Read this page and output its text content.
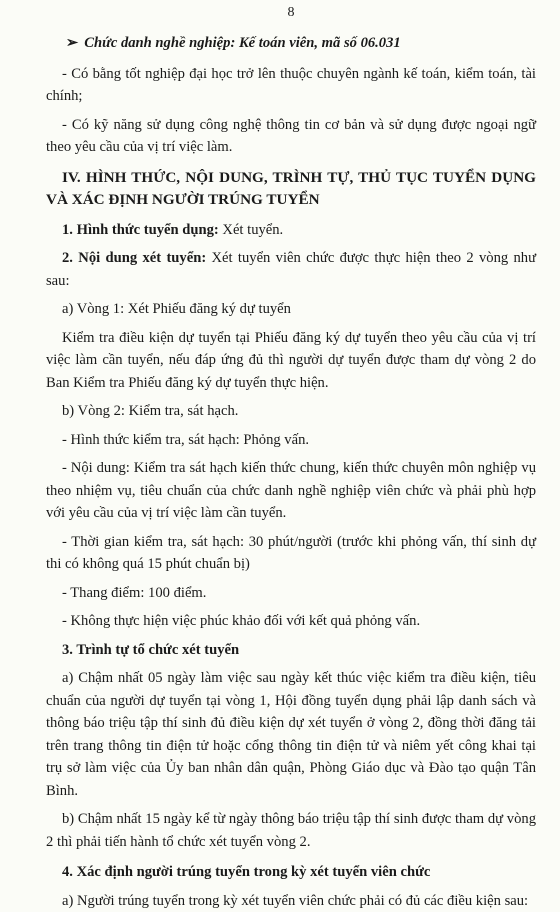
8

➢ Chức danh nghề nghiệp: Kế toán viên, mã số 06.031

- Có bằng tốt nghiệp đại học trở lên thuộc chuyên ngành kế toán, kiểm toán, tài chính;

- Có kỹ năng sử dụng công nghệ thông tin cơ bản và sử dụng được ngoại ngữ theo yêu cầu của vị trí việc làm.

IV. HÌNH THỨC, NỘI DUNG, TRÌNH TỰ, THỦ TỤC TUYỂN DỤNG VÀ XÁC ĐỊNH NGƯỜI TRÚNG TUYỂN

1. Hình thức tuyển dụng: Xét tuyển.

2. Nội dung xét tuyển: Xét tuyển viên chức được thực hiện theo 2 vòng như sau:

a) Vòng 1: Xét Phiếu đăng ký dự tuyển

Kiểm tra điều kiện dự tuyển tại Phiếu đăng ký dự tuyển theo yêu cầu của vị trí việc làm cần tuyển, nếu đáp ứng đủ thì người dự tuyển được tham dự vòng 2 do Ban Kiểm tra Phiếu đăng ký dự tuyển thực hiện.

b) Vòng 2: Kiểm tra, sát hạch.

- Hình thức kiểm tra, sát hạch: Phỏng vấn.

- Nội dung: Kiểm tra sát hạch kiến thức chung, kiến thức chuyên môn nghiệp vụ theo nhiệm vụ, tiêu chuẩn của chức danh nghề nghiệp viên chức và phải phù hợp với yêu cầu của vị trí việc làm cần tuyển.

- Thời gian kiểm tra, sát hạch: 30 phút/người (trước khi phỏng vấn, thí sinh dự thi có không quá 15 phút chuẩn bị)

- Thang điểm: 100 điểm.

- Không thực hiện việc phúc khảo đối với kết quả phỏng vấn.

3. Trình tự tổ chức xét tuyển

a) Chậm nhất 05 ngày làm việc sau ngày kết thúc việc kiểm tra điều kiện, tiêu chuẩn của người dự tuyển tại vòng 1, Hội đồng tuyển dụng phải lập danh sách và thông báo triệu tập thí sinh đủ điều kiện dự xét tuyển ở vòng 2, đồng thời đăng tải trên trang thông tin điện tử hoặc cổng thông tin điện tử và niêm yết công khai tại trụ sở làm việc của Ủy ban nhân dân quận, Phòng Giáo dục và Đào tạo quận Tân Bình.

b) Chậm nhất 15 ngày kể từ ngày thông báo triệu tập thí sinh được tham dự vòng 2 thì phải tiến hành tổ chức xét tuyển vòng 2.

4. Xác định người trúng tuyển trong kỳ xét tuyển viên chức

a) Người trúng tuyển trong kỳ xét tuyển viên chức phải có đủ các điều kiện sau:
